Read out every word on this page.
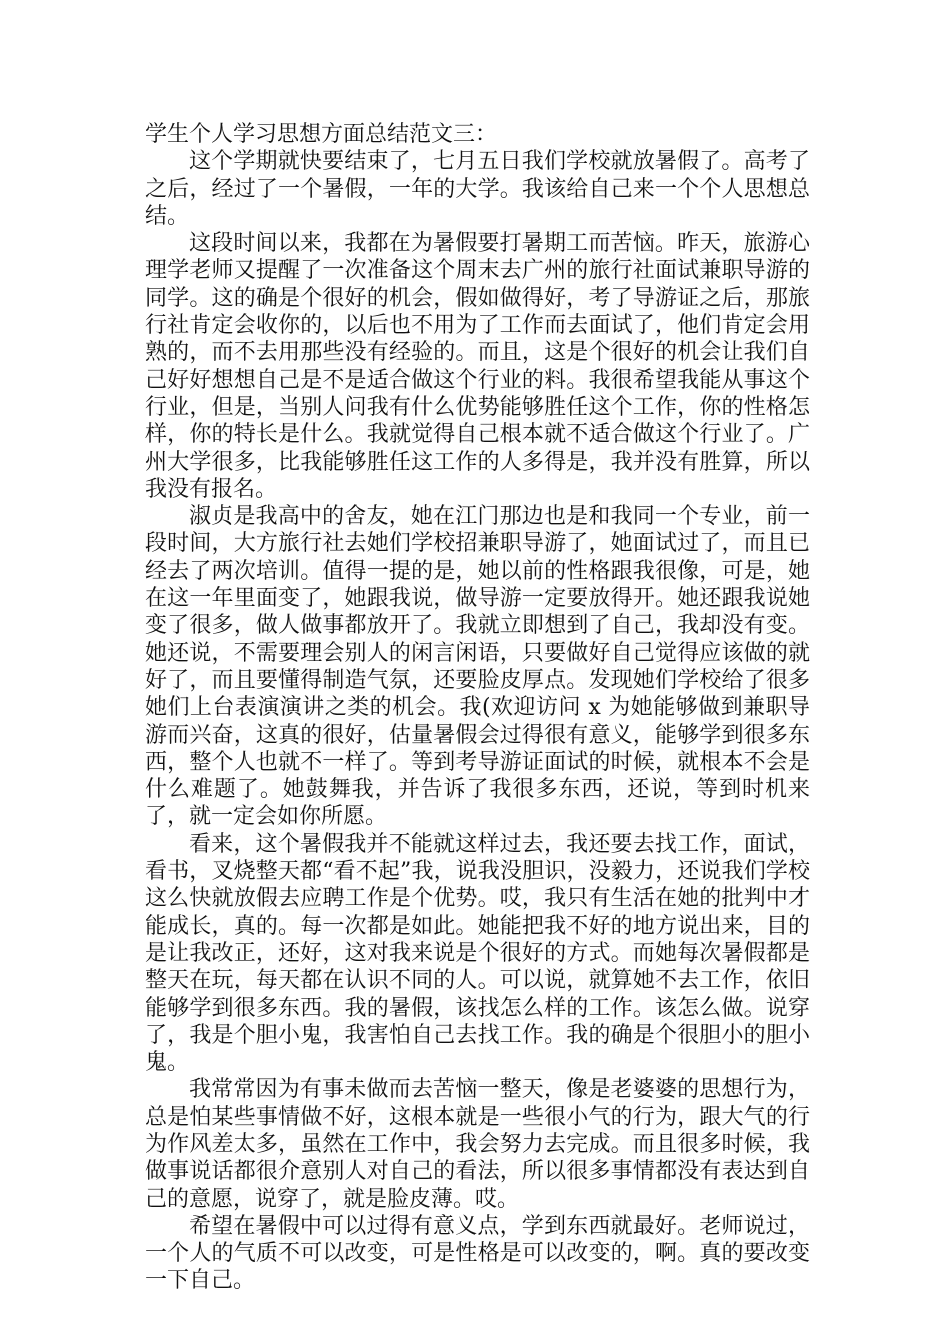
学生个人学习思想方面总结范文三：

这个学期就快要结束了，七月五日我们学校就放暑假了。高考了之后，经过了一个暑假，一年的大学。我该给自己来一个个人思想总结。

这段时间以来，我都在为暑假要打暑期工而苦恼。昨天，旅游心理学老师又提醒了一次准备这个周末去广州的旅行社面试兼职导游的同学。这的确是个很好的机会，假如做得好，考了导游证之后，那旅行社肯定会收你的，以后也不用为了工作而去面试了，他们肯定会用熟的，而不去用那些没有经验的。而且，这是个很好的机会让我们自己好好想想自己是不是适合做这个行业的料。我很希望我能从事这个行业，但是，当别人问我有什么优势能够胜任这个工作，你的性格怎样，你的特长是什么。我就觉得自己根本就不适合做这个行业了。广州大学很多，比我能够胜任这工作的人多得是，我并没有胜算，所以我没有报名。

淑贞是我高中的舍友，她在江门那边也是和我同一个专业，前一段时间，大方旅行社去她们学校招兼职导游了，她面试过了，而且已经去了两次培训。值得一提的是，她以前的性格跟我很像，可是，她在这一年里面变了，她跟我说，做导游一定要放得开。她还跟我说她变了很多，做人做事都放开了。我就立即想到了自己，我却没有变。她还说，不需要理会别人的闲言闲语，只要做好自己觉得应该做的就好了，而且要懂得制造气氛，还要脸皮厚点。发现她们学校给了很多她们上台表演演讲之类的机会。我(欢迎访问 x 为她能够做到兼职导游而兴奋，这真的很好，估量暑假会过得很有意义，能够学到很多东西，整个人也就不一样了。等到考导游证面试的时候，就根本不会是什么难题了。她鼓舞我，并告诉了我很多东西，还说，等到时机来了，就一定会如你所愿。

看来，这个暑假我并不能就这样过去，我还要去找工作，面试，看书，叉烧整天都“看不起”我，说我没胆识，没毅力，还说我们学校这么快就放假去应聘工作是个优势。哎，我只有生活在她的批判中才能成长，真的。每一次都是如此。她能把我不好的地方说出来，目的是让我改正，还好，这对我来说是个很好的方式。而她每次暑假都是整天在玩，每天都在认识不同的人。可以说，就算她不去工作，依旧能够学到很多东西。我的暑假，该找怎么样的工作。该怎么做。说穿了，我是个胆小鬼，我害怕自己去找工作。我的确是个很胆小的胆小鬼。

我常常因为有事未做而去苦恼一整天，像是老婆婆的思想行为，总是怕某些事情做不好，这根本就是一些很小气的行为，跟大气的行为作风差太多，虽然在工作中，我会努力去完成。而且很多时候，我做事说话都很介意别人对自己的看法，所以很多事情都没有表达到自己的意愿，说穿了，就是脸皮薄。哎。

希望在暑假中可以过得有意义点，学到东西就最好。老师说过，一个人的气质不可以改变，可是性格是可以改变的，啊。真的要改变一下自己。
